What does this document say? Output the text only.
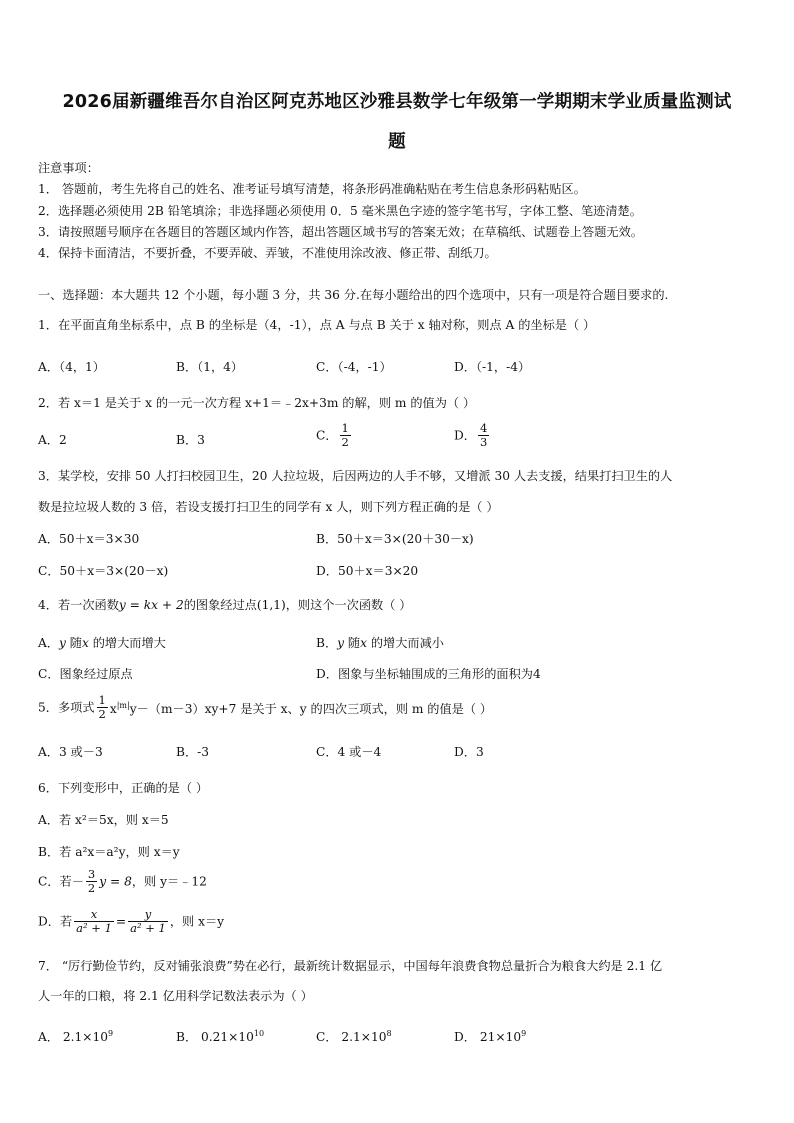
2026届新疆维吾尔自治区阿克苏地区沙雅县数学七年级第一学期期末学业质量监测试
题
注意事项：
1． 答题前，考生先将自己的姓名、准考证号填写清楚，将条形码准确粘贴在考生信息条形码粘贴区。
2．选择题必须使用 2B 铅笔填涂；非选择题必须使用 0．5 毫米黑色字迹的签字笔书写，字体工整、笔迹清楚。
3．请按照题号顺序在各题目的答题区域内作答，超出答题区域书写的答案无效；在草稿纸、试题卷上答题无效。
4．保持卡面清洁，不要折叠，不要弄破、弄皱，不准使用涂改液、修正带、刮纸刀。
一、选择题：本大题共 12 个小题，每小题 3 分，共 36 分.在每小题给出的四个选项中，只有一项是符合题目要求的.
1．在平面直角坐标系中，点 B 的坐标是（4，-1），点 A 与点 B 关于 x 轴对称，则点 A 的坐标是（ ）
A．（4，1）	B．（1，4）	C．（-4，-1）	D．（-1，-4）
2．若 x＝1 是关于 x 的一元一次方程 x+1＝﹣2x+3m 的解，则 m 的值为（ ）
A．2	B．3	C． $\frac{1}{2}$	D． $\frac{4}{3}$
3．某学校，安排 50 人打扫校园卫生，20 人拉垃圾，后因两边的人手不够，又增派 30 人去支援，结果打扫卫生的人
数是拉垃圾人数的 3 倍，若设支援打扫卫生的同学有 x 人，则下列方程正确的是（ ）
A．50＋x＝3×30	B．50＋x＝3×(20＋30－x)
C．50＋x＝3×(20－x)	D．50＋x＝3×20
4．若一次函数y = kx + 2的图象经过点(1,1)，则这个一次函数（ ）
A．y 随x 的增大而增大	B．y 随x 的增大而减小
C．图象经过原点	D．图象与坐标轴围成的三角形的面积为4
5．多项式 $\frac{1}{2} x^{|m|}y-(m-3)xy+7$ 是关于 x、y 的四次三项式，则 m 的值是（ ）
A．3 或－3	B．-3	C．4 或－4	D．3
6．下列变形中，正确的是（ ）
A．若 x²＝5x，则 x＝5
B．若 a²x＝a²y，则 x＝y
C．若－ $\frac{3}{2}$ y = 8，则 y＝﹣12
D．若 $\frac{x}{\text{a² + 1}} = \frac{y}{\text{a² + 1}}$ ，则 x＝y
7． “厉行勤俭节约，反对铺张浪费”势在必行，最新统计数据显示，中国每年浪费食物总量折合为粮食大约是 2.1 亿
人一年的口粮，将 2.1 亿用科学记数法表示为（ ）
A． $2.1\times 10^9$	B． $0.21\times 10^{10}$	C． $2.1\times 10^8$	D． $21\times 10^9$
